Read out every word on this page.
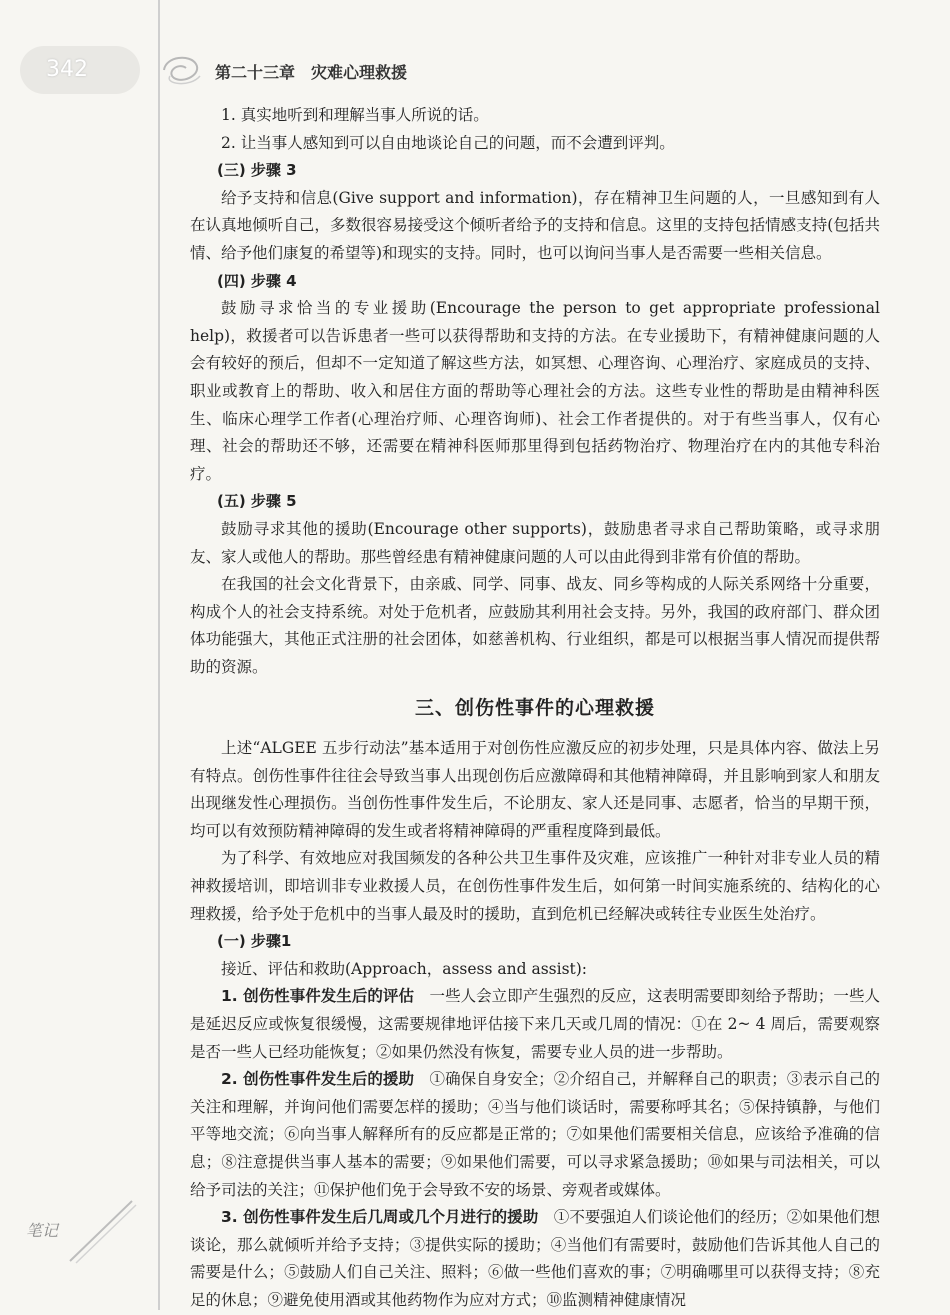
342	第二十三章　灾难心理救援

1. 真实地听到和理解当事人所说的话。

2. 让当事人感知到可以自由地谈论自己的问题，而不会遭到评判。

(三) 步骤 3

给予支持和信息(Give support and information)，存在精神卫生问题的人，一旦感知到有人在认真地倾听自己，多数很容易接受这个倾听者给予的支持和信息。这里的支持包括情感支持(包括共情、给予他们康复的希望等)和现实的支持。同时，也可以询问当事人是否需要一些相关信息。

(四) 步骤 4

鼓励寻求恰当的专业援助(Encourage the person to get appropriate professional help)，救援者可以告诉患者一些可以获得帮助和支持的方法。在专业援助下，有精神健康问题的人会有较好的预后，但却不一定知道了解这些方法，如冥想、心理咨询、心理治疗、家庭成员的支持、职业或教育上的帮助、收入和居住方面的帮助等心理社会的方法。这些专业性的帮助是由精神科医生、临床心理学工作者(心理治疗师、心理咨询师)、社会工作者提供的。对于有些当事人，仅有心理、社会的帮助还不够，还需要在精神科医师那里得到包括药物治疗、物理治疗在内的其他专科治疗。

(五) 步骤 5

鼓励寻求其他的援助(Encourage other supports)，鼓励患者寻求自己帮助策略，或寻求朋友、家人或他人的帮助。那些曾经患有精神健康问题的人可以由此得到非常有价值的帮助。

在我国的社会文化背景下，由亲戚、同学、同事、战友、同乡等构成的人际关系网络十分重要，构成个人的社会支持系统。对处于危机者，应鼓励其利用社会支持。另外，我国的政府部门、群众团体功能强大，其他正式注册的社会团体，如慈善机构、行业组织，都是可以根据当事人情况而提供帮助的资源。

三、创伤性事件的心理救援

上述“ALGEE 五步行动法”基本适用于对创伤性应激反应的初步处理，只是具体内容、做法上另有特点。创伤性事件往往会导致当事人出现创伤后应激障碍和其他精神障碍，并且影响到家人和朋友出现继发性心理损伤。当创伤性事件发生后，不论朋友、家人还是同事、志愿者，恰当的早期干预，均可以有效预防精神障碍的发生或者将精神障碍的严重程度降到最低。

为了科学、有效地应对我国频发的各种公共卫生事件及灾难，应该推广一种针对非专业人员的精神救援培训，即培训非专业救援人员，在创伤性事件发生后，如何第一时间实施系统的、结构化的心理救援，给予处于危机中的当事人最及时的援助，直到危机已经解决或转往专业医生处治疗。

(一) 步骤1

接近、评估和救助(Approach，assess and assist):

1. 创伤性事件发生后的评估　 一些人会立即产生强烈的反应，这表明需要即刻给予帮助；一些人是延迟反应或恢复很缓慢，这需要规律地评估接下来几天或几周的情况：①在 2~ 4 周后，需要观察是否一些人已经功能恢复；②如果仍然没有恢复，需要专业人员的进一步帮助。

2. 创伤性事件发生后的援助　 ①确保自身安全；②介绍自己，并解释自己的职责；③表示自己的关注和理解，并询问他们需要怎样的援助；④当与他们谈话时，需要称呼其名；⑤保持镇静，与他们平等地交流；⑥向当事人解释所有的反应都是正常的；⑦如果他们需要相关信息，应该给予准确的信息；⑧注意提供当事人基本的需要；⑨如果他们需要，可以寻求紧急援助；⑩如果与司法相关，可以给予司法的关注；⑪保护他们免于会导致不安的场景、旁观者或媒体。

3. 创伤性事件发生后几周或几个月进行的援助　 ①不要强迫人们谈论他们的经历；②如果他们想谈论，那么就倾听并给予支持；③提供实际的援助；④当他们有需要时，鼓励他们告诉其他人自己的需要是什么；⑤鼓励人们自己关注、照料；⑥做一些他们喜欢的事；⑦明确哪里可以获得支持；⑧充足的休息；⑨避免使用酒或其他药物作为应对方式；⑩监测精神健康情况

笔记
